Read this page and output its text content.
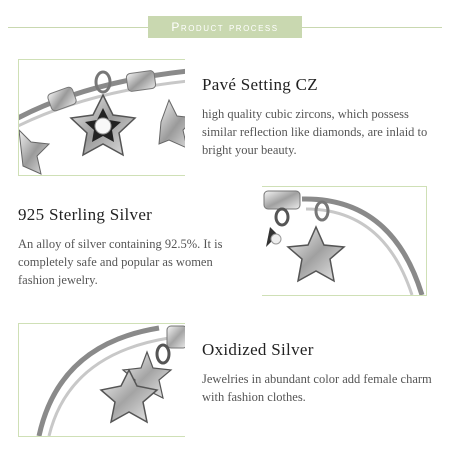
Product process
Pavé Setting CZ

high quality cubic zircons, which possess similar reflection like diamonds, are inlaid to bright your beauty.

925 Sterling Silver

An alloy of silver containing 92.5%. It is completely safe and popular as women fashion jewelry.

Oxidized Silver

Jewelries in abundant color add female charm with fashion clothes.
